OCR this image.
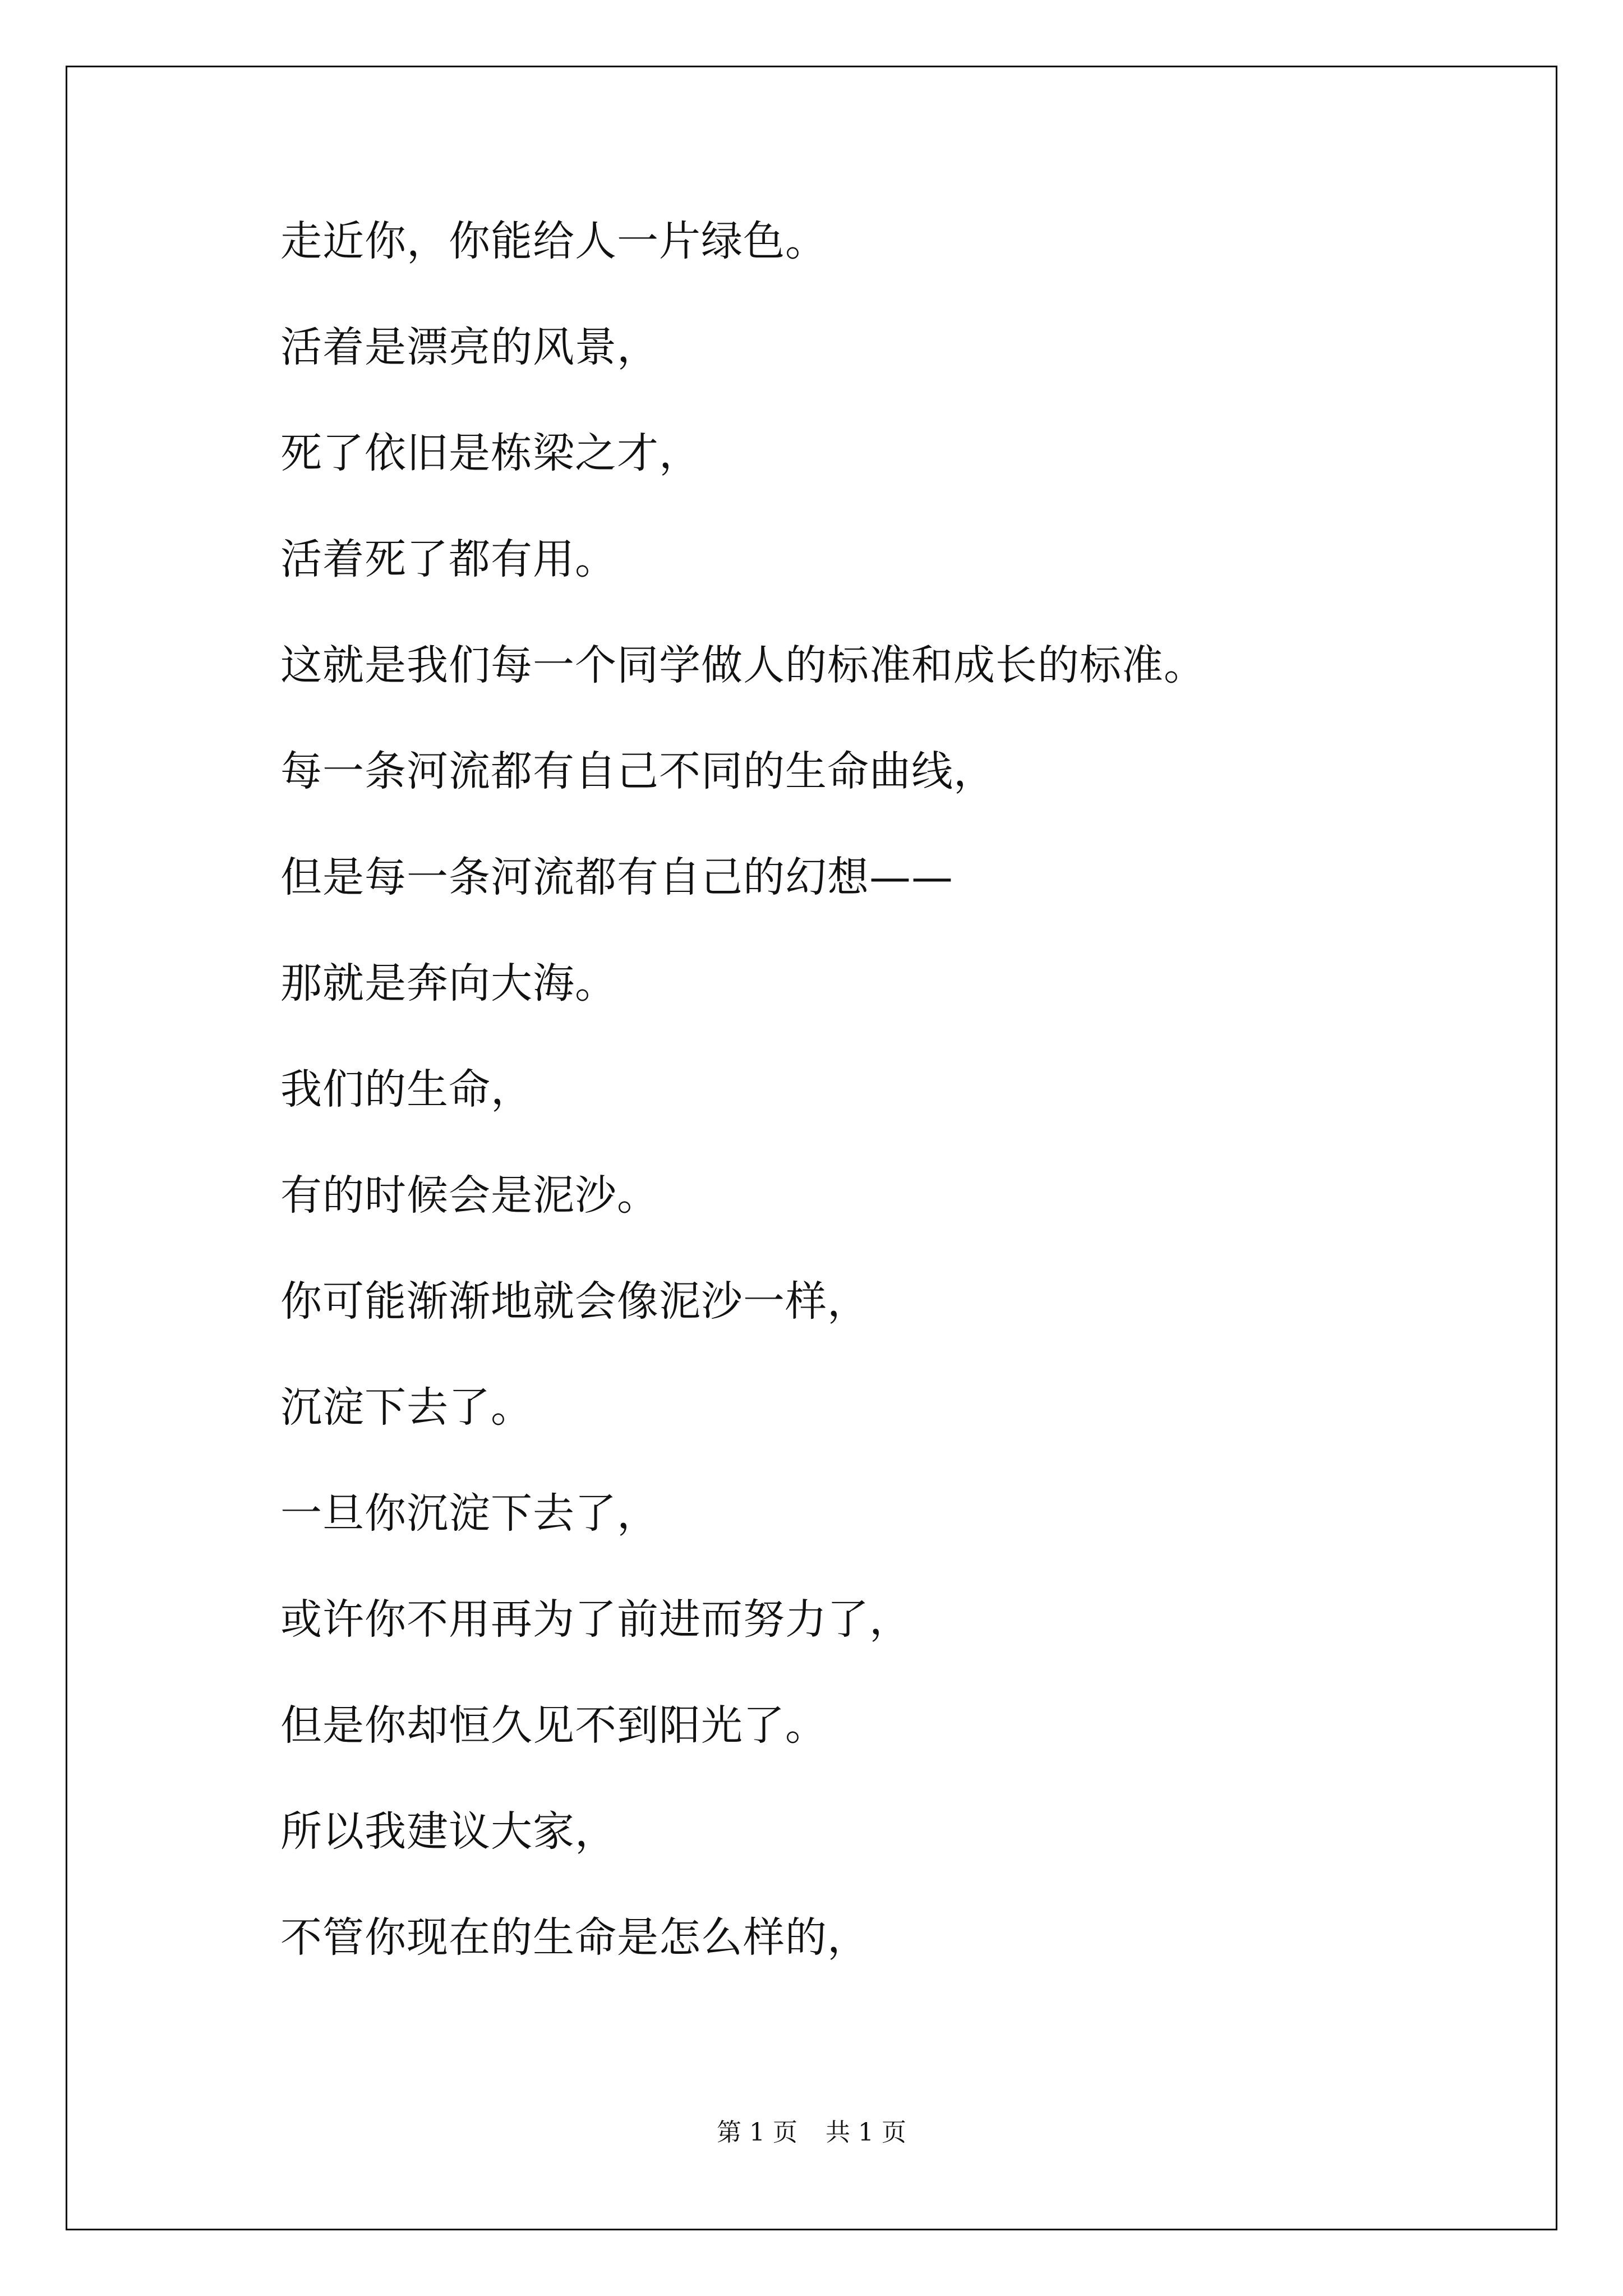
走近你，你能给人一片绿色。
活着是漂亮的风景，
死了依旧是栋梁之才，
活着死了都有用。
这就是我们每一个同学做人的标准和成长的标准。
每一条河流都有自己不同的生命曲线，
但是每一条河流都有自己的幻想——
那就是奔向大海。
我们的生命，
有的时候会是泥沙。
你可能渐渐地就会像泥沙一样，
沉淀下去了。
一旦你沉淀下去了，
或许你不用再为了前进而努力了，
但是你却恒久见不到阳光了。
所以我建议大家，
不管你现在的生命是怎么样的，
第 1 页 共 1 页
